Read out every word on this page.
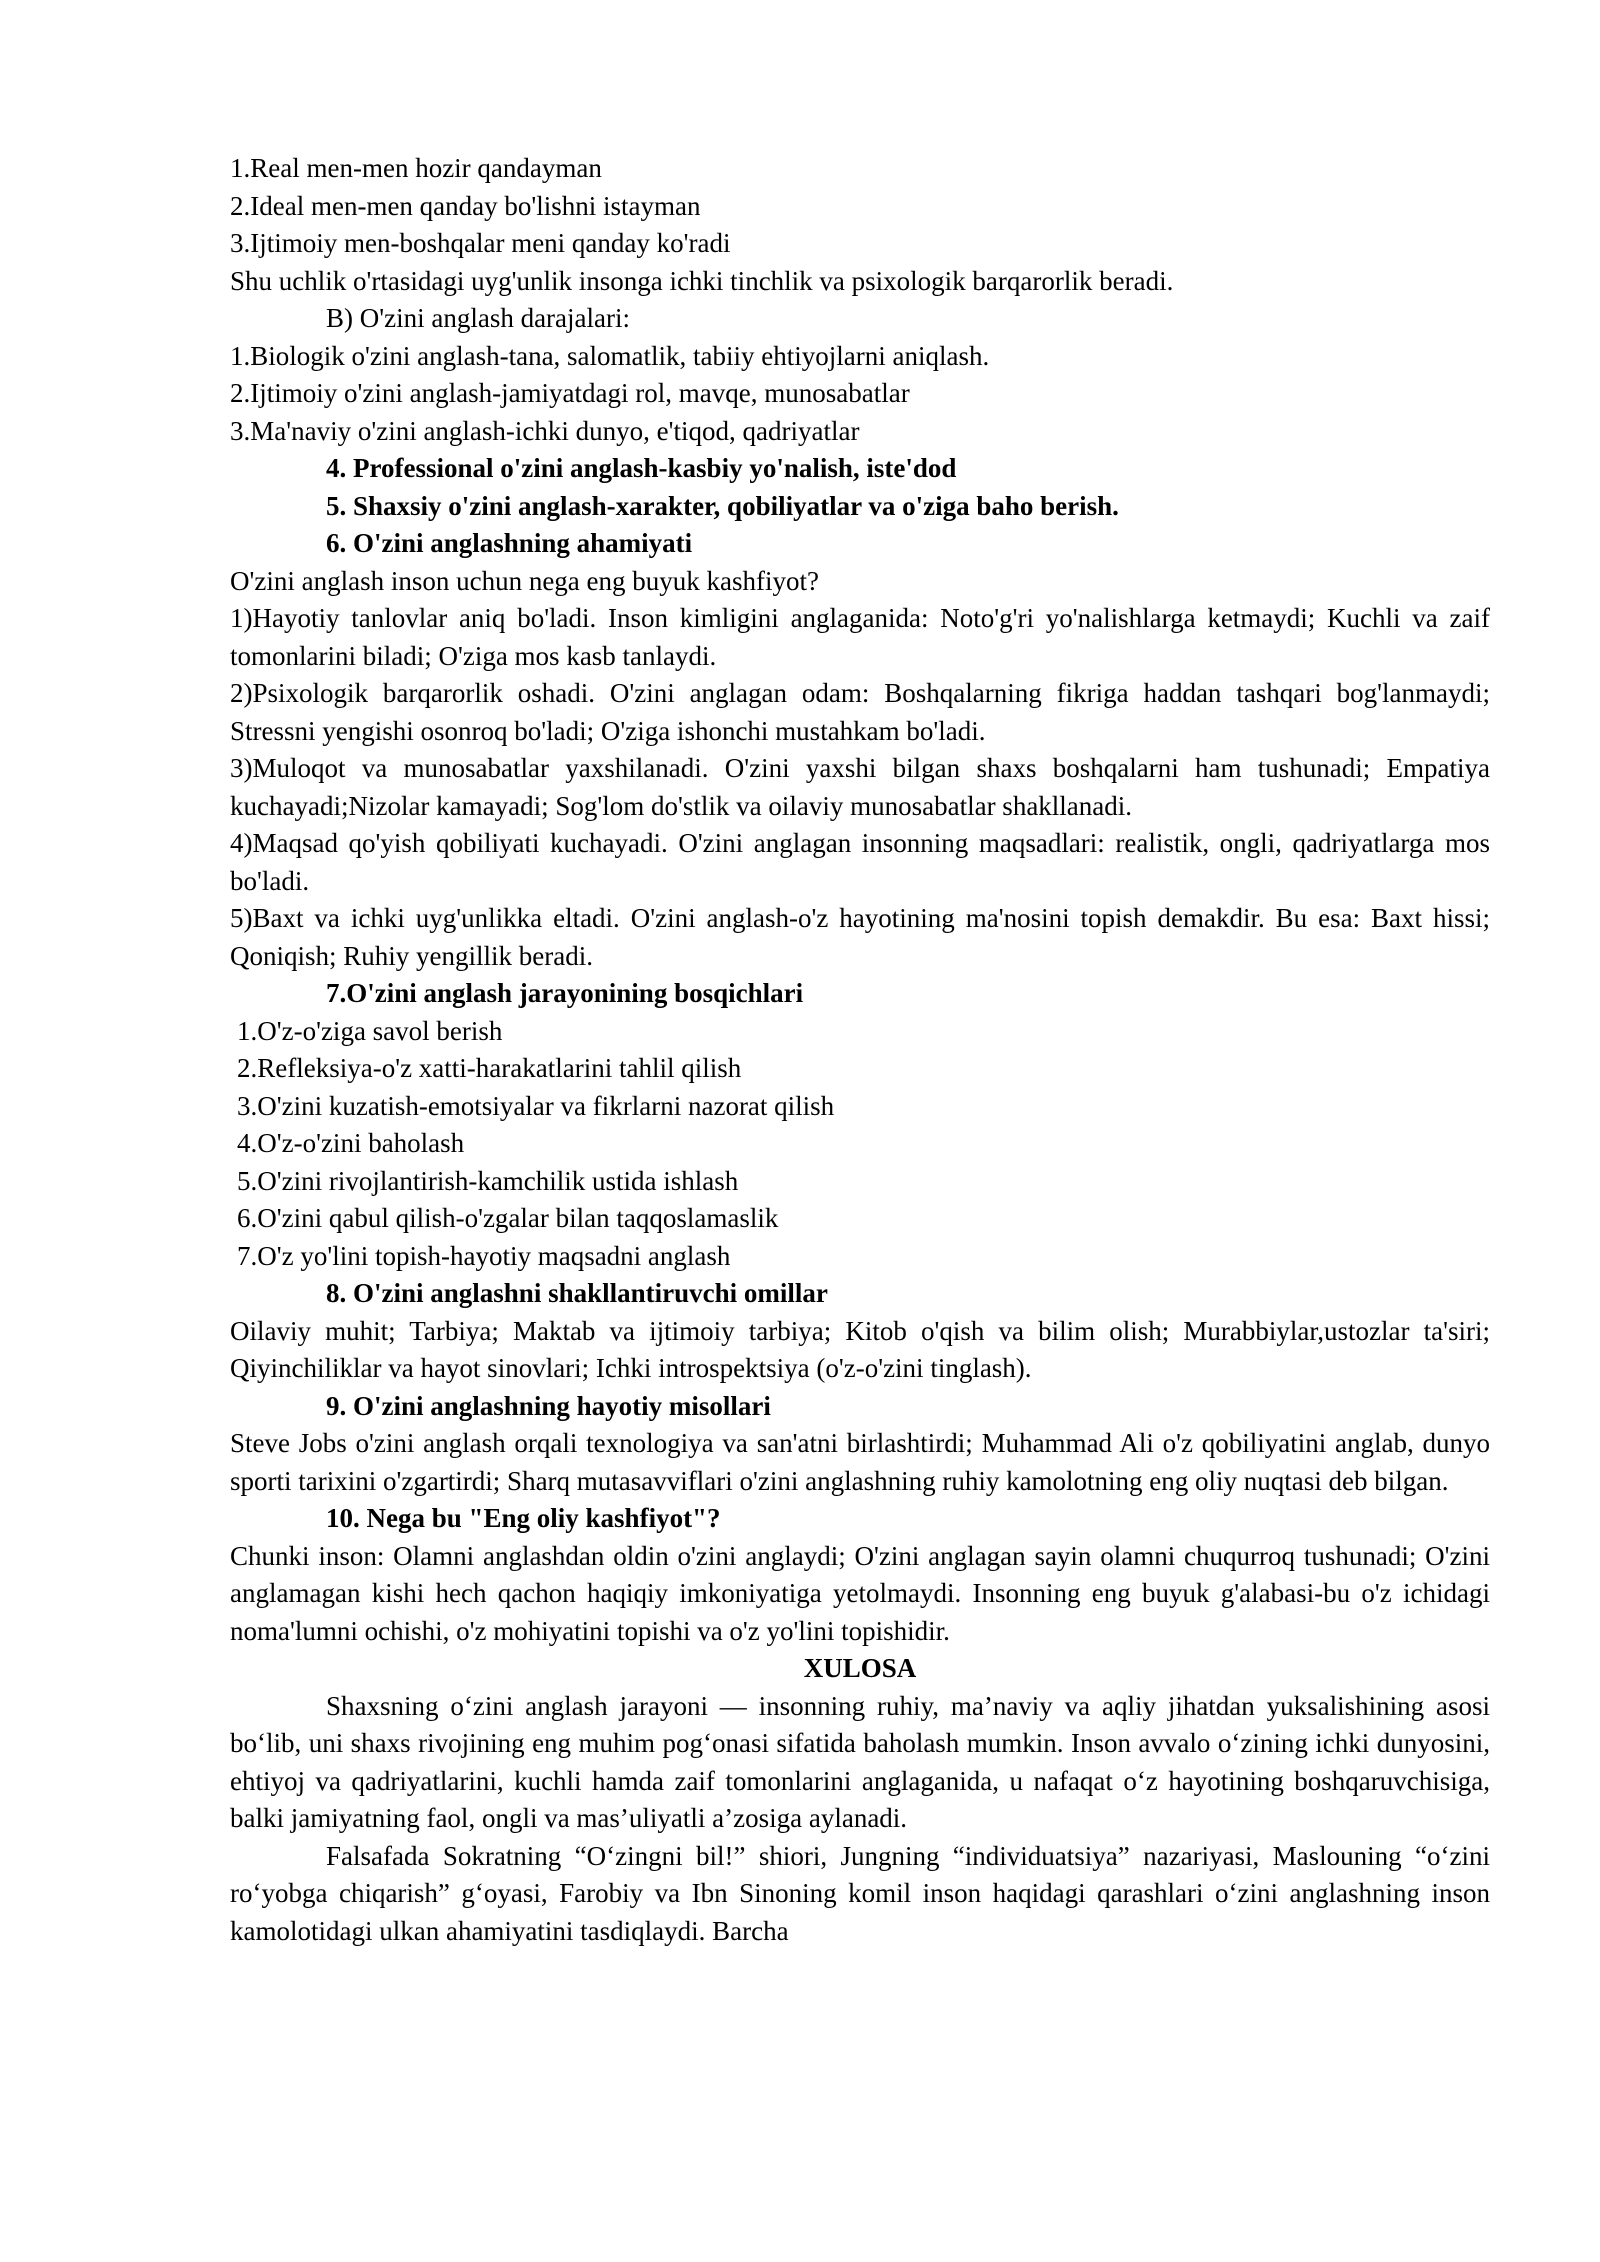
1.Real men-men hozir qandayman

2.Ideal men-men qanday bo'lishni istayman

3.Ijtimoiy men-boshqalar meni qanday ko'radi

Shu uchlik o'rtasidagi uyg'unlik insonga ichki tinchlik va psixologik barqarorlik beradi.

B) O'zini anglash darajalari:

1.Biologik o'zini anglash-tana, salomatlik, tabiiy ehtiyojlarni aniqlash.

2.Ijtimoiy o'zini anglash-jamiyatdagi rol, mavqe, munosabatlar

3.Ma'naviy o'zini anglash-ichki dunyo, e'tiqod, qadriyatlar

4. Professional o'zini anglash-kasbiy yo'nalish, iste'dod

5. Shaxsiy o'zini anglash-xarakter, qobiliyatlar va o'ziga baho berish.

6. O'zini anglashning ahamiyati

O'zini anglash inson uchun nega eng buyuk kashfiyot?

1)Hayotiy tanlovlar aniq bo'ladi. Inson kimligini anglaganida: Noto'g'ri yo'nalishlarga ketmaydi; Kuchli va zaif tomonlarini biladi; O'ziga mos kasb tanlaydi.

2)Psixologik barqarorlik oshadi. O'zini anglagan odam: Boshqalarning fikriga haddan tashqari bog'lanmaydi; Stressni yengishi osonroq bo'ladi; O'ziga ishonchi mustahkam bo'ladi.

3)Muloqot va munosabatlar yaxshilanadi. O'zini yaxshi bilgan shaxs boshqalarni ham tushunadi; Empatiya kuchayadi;Nizolar kamayadi; Sog'lom do'stlik va oilaviy munosabatlar shakllanadi.

4)Maqsad qo'yish qobiliyati kuchayadi. O'zini anglagan insonning maqsadlari: realistik, ongli, qadriyatlarga mos bo'ladi.

5)Baxt va ichki uyg'unlikka eltadi. O'zini anglash-o'z hayotining ma'nosini topish demakdir. Bu esa: Baxt hissi; Qoniqish; Ruhiy yengillik beradi.

7.O'zini anglash jarayonining bosqichlari

1.O'z-o'ziga savol berish

2.Refleksiya-o'z xatti-harakatlarini tahlil qilish

3.O'zini kuzatish-emotsiyalar va fikrlarni nazorat qilish

4.O'z-o'zini baholash

5.O'zini rivojlantirish-kamchilik ustida ishlash

6.O'zini qabul qilish-o'zgalar bilan taqqoslamaslik

7.O'z yo'lini topish-hayotiy maqsadni anglash

8. O'zini anglashni shakllantiruvchi omillar

Oilaviy muhit; Tarbiya; Maktab va ijtimoiy tarbiya; Kitob o'qish va bilim olish; Murabbiylar,ustozlar ta'siri; Qiyinchiliklar va hayot sinovlari; Ichki introspektsiya (o'z-o'zini tinglash).

9. O'zini anglashning hayotiy misollari

Steve Jobs o'zini anglash orqali texnologiya va san'atni birlashtirdi; Muhammad Ali o'z qobiliyatini anglab, dunyo sporti tarixini o'zgartirdi; Sharq mutasavviflari o'zini anglashning ruhiy kamolotning eng oliy nuqtasi deb bilgan.

10. Nega bu "Eng oliy kashfiyot"?

Chunki inson: Olamni anglashdan oldin o'zini anglaydi; O'zini anglagan sayin olamni chuqurroq tushunadi; O'zini anglamagan kishi hech qachon haqiqiy imkoniyatiga yetolmaydi. Insonning eng buyuk g'alabasi-bu o'z ichidagi noma'lumni ochishi, o'z mohiyatini topishi va o'z yo'lini topishidir.

XULOSA

Shaxsning o‘zini anglash jarayoni — insonning ruhiy, ma’naviy va aqliy jihatdan yuksalishining asosi bo‘lib, uni shaxs rivojining eng muhim pog‘onasi sifatida baholash mumkin. Inson avvalo o‘zining ichki dunyosini, ehtiyoj va qadriyatlarini, kuchli hamda zaif tomonlarini anglaganida, u nafaqat o‘z hayotining boshqaruvchisiga, balki jamiyatning faol, ongli va mas’uliyatli a’zosiga aylanadi.

Falsafada Sokratning “O‘zingni bil!” shiori, Jungning “individuatsiya” nazariyasi, Maslouning “o‘zini ro‘yobga chiqarish” g‘oyasi, Farobiy va Ibn Sinoning komil inson haqidagi qarashlari o‘zini anglashning inson kamolotidagi ulkan ahamiyatini tasdiqlaydi. Barcha
